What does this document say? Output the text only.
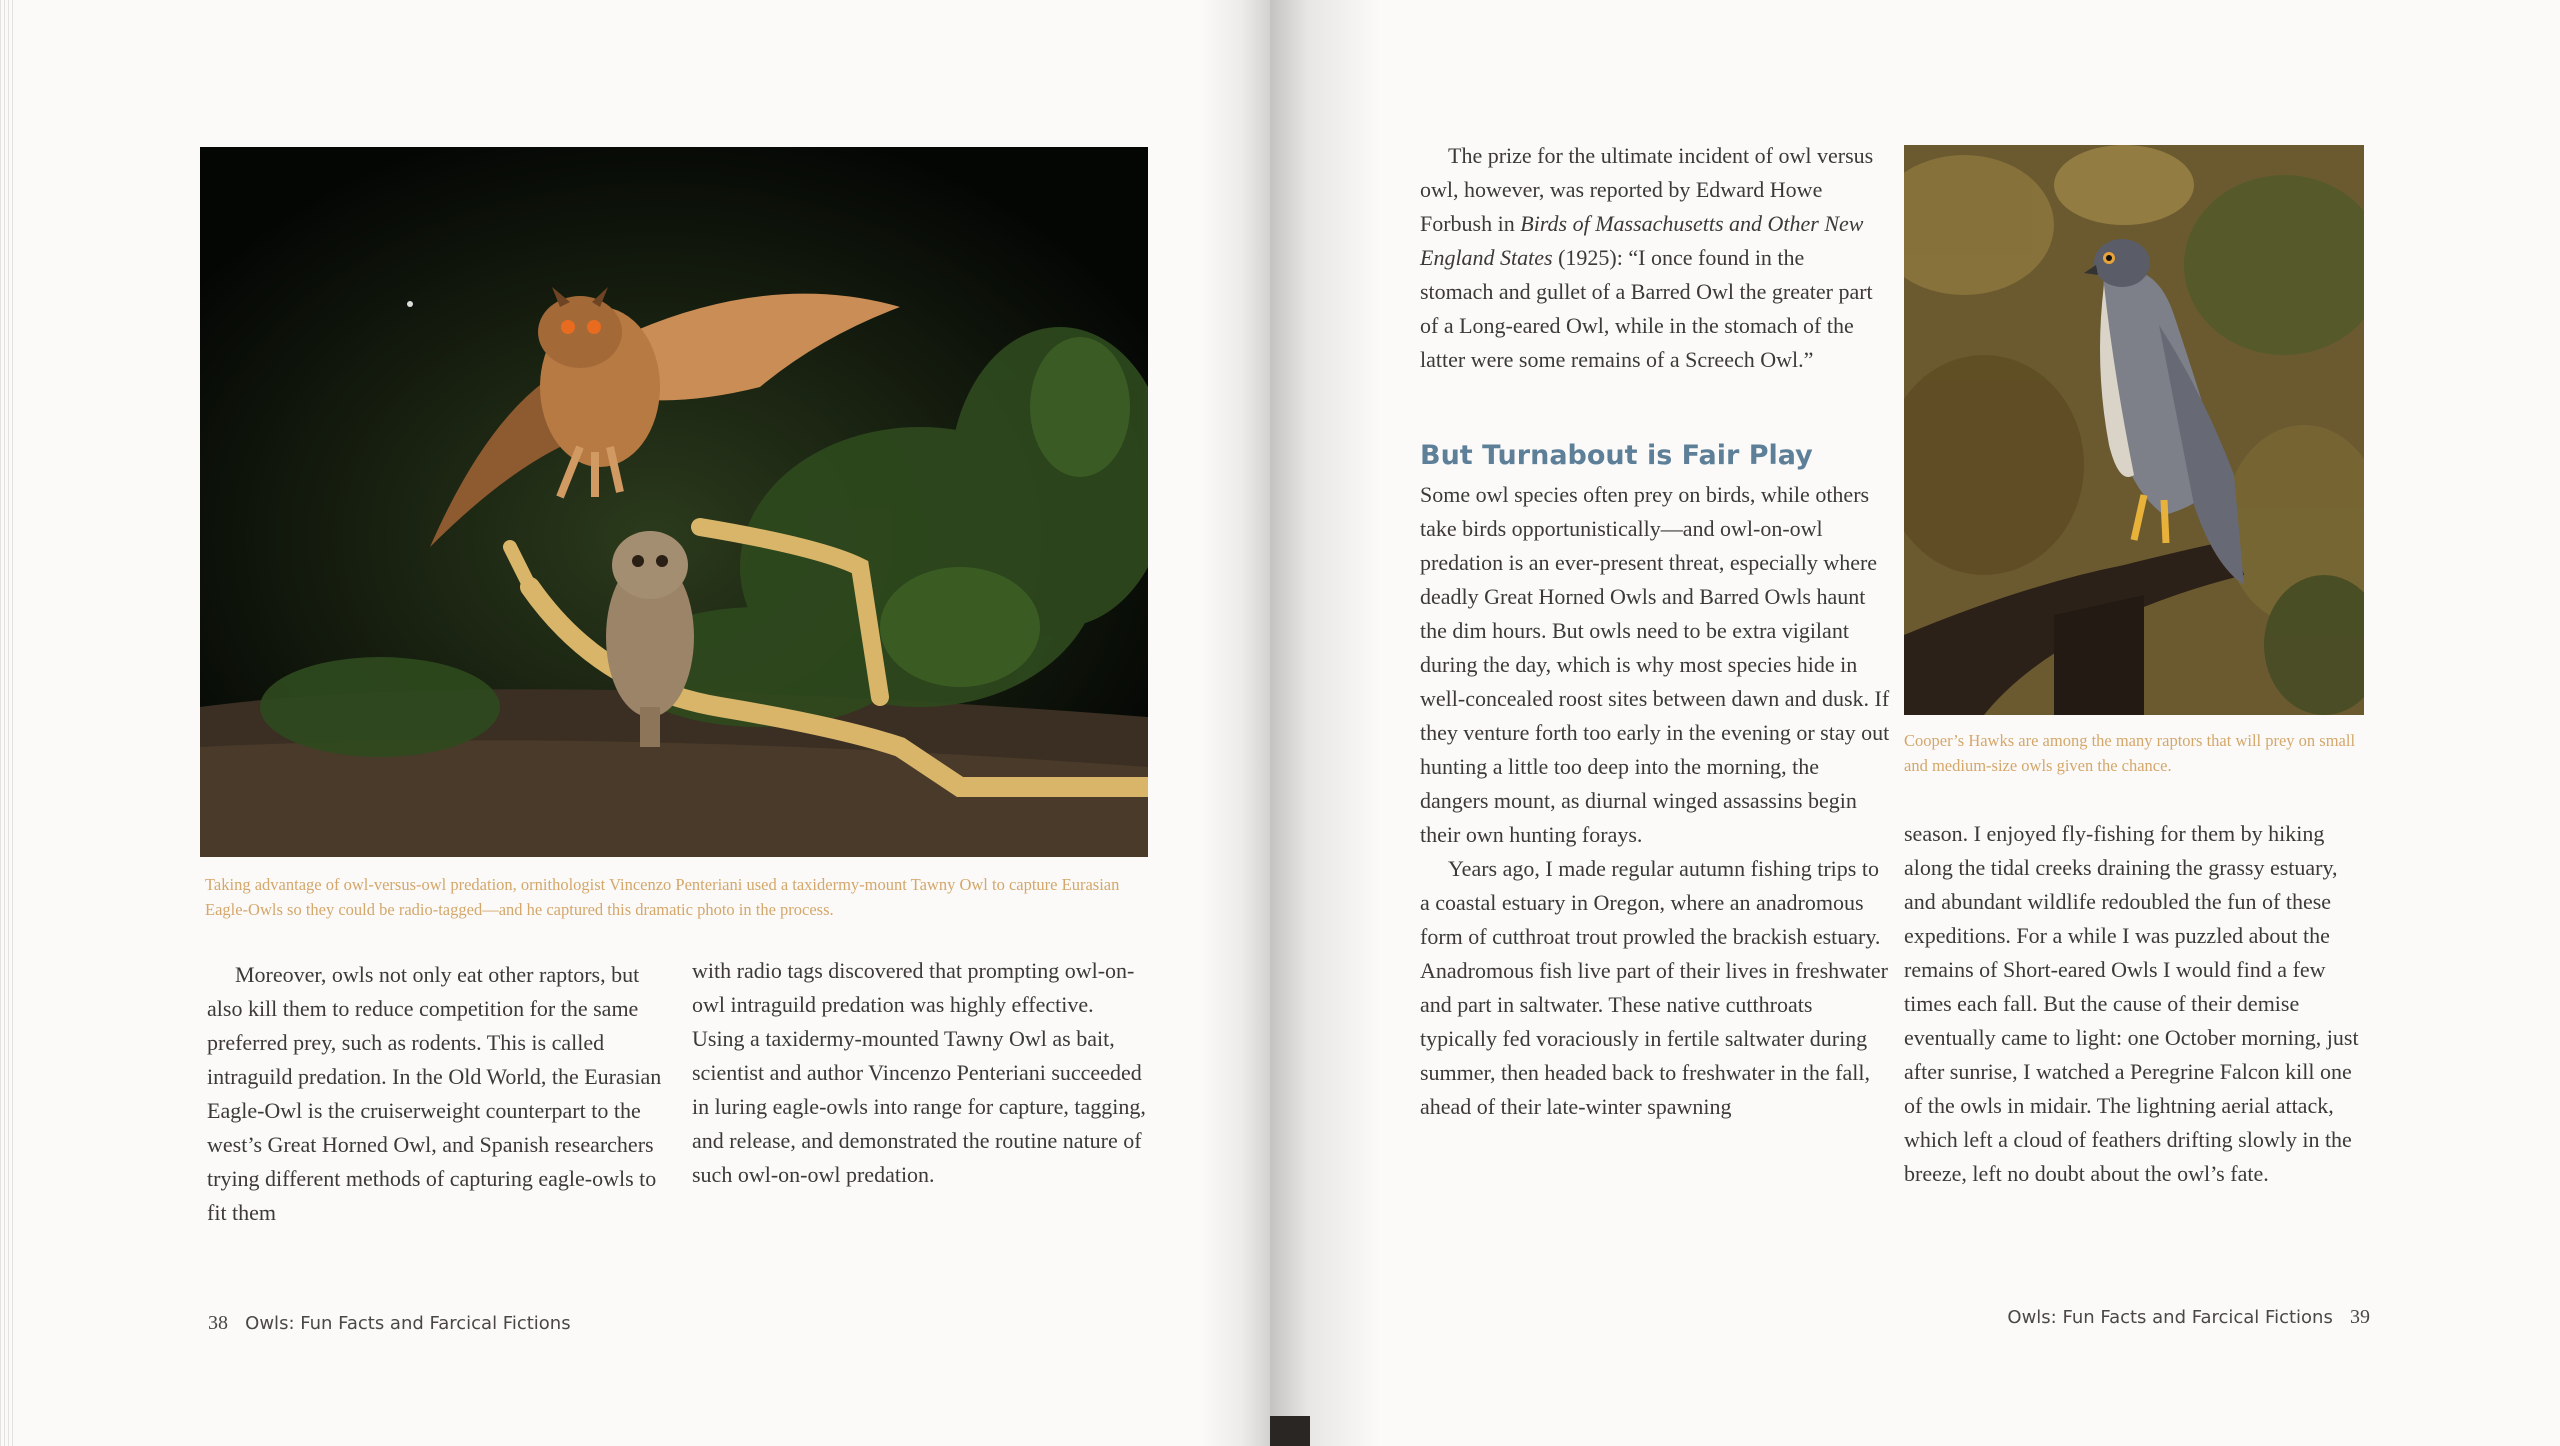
Taking advantage of owl-versus-owl predation, ornithologist Vincenzo Penteriani used a taxidermy-mount Tawny Owl to capture Eurasian Eagle-Owls so they could be radio-tagged—and he captured this dramatic photo in the process.

Moreover, owls not only eat other raptors, but also kill them to reduce competition for the same preferred prey, such as rodents. This is called intraguild predation. In the Old World, the Eurasian Eagle-Owl is the cruiserweight counterpart to the west’s Great Horned Owl, and Spanish researchers trying different methods of capturing eagle-owls to fit them

with radio tags discovered that prompting owl-on-owl intraguild predation was highly effective. Using a taxidermy-mounted Tawny Owl as bait, scientist and author Vincenzo Penteriani succeeded in luring eagle-owls into range for capture, tagging, and release, and demonstrated the routine nature of such owl-on-owl predation.

38 Owls: Fun Facts and Farcical Fictions

The prize for the ultimate incident of owl versus owl, however, was reported by Edward Howe Forbush in Birds of Massachusetts and Other New England States (1925): “I once found in the stomach and gullet of a Barred Owl the greater part of a Long-eared Owl, while in the stomach of the latter were some remains of a Screech Owl.”

But Turnabout is Fair Play

Some owl species often prey on birds, while others take birds opportunistically—and owl-on-owl predation is an ever-present threat, especially where deadly Great Horned Owls and Barred Owls haunt the dim hours. But owls need to be extra vigilant during the day, which is why most species hide in well-concealed roost sites between dawn and dusk. If they venture forth too early in the evening or stay out hunting a little too deep into the morning, the dangers mount, as diurnal winged assassins begin their own hunting forays.

Years ago, I made regular autumn fishing trips to a coastal estuary in Oregon, where an anadromous form of cutthroat trout prowled the brackish estuary. Anadromous fish live part of their lives in freshwater and part in saltwater. These native cutthroats typically fed voraciously in fertile saltwater during summer, then headed back to freshwater in the fall, ahead of their late-winter spawning

Cooper’s Hawks are among the many raptors that will prey on small and medium-size owls given the chance.

season. I enjoyed fly-fishing for them by hiking along the tidal creeks draining the grassy estuary, and abundant wildlife redoubled the fun of these expeditions. For a while I was puzzled about the remains of Short-eared Owls I would find a few times each fall. But the cause of their demise eventually came to light: one October morning, just after sunrise, I watched a Peregrine Falcon kill one of the owls in midair. The lightning aerial attack, which left a cloud of feathers drifting slowly in the breeze, left no doubt about the owl’s fate.

Owls: Fun Facts and Farcical Fictions 39
